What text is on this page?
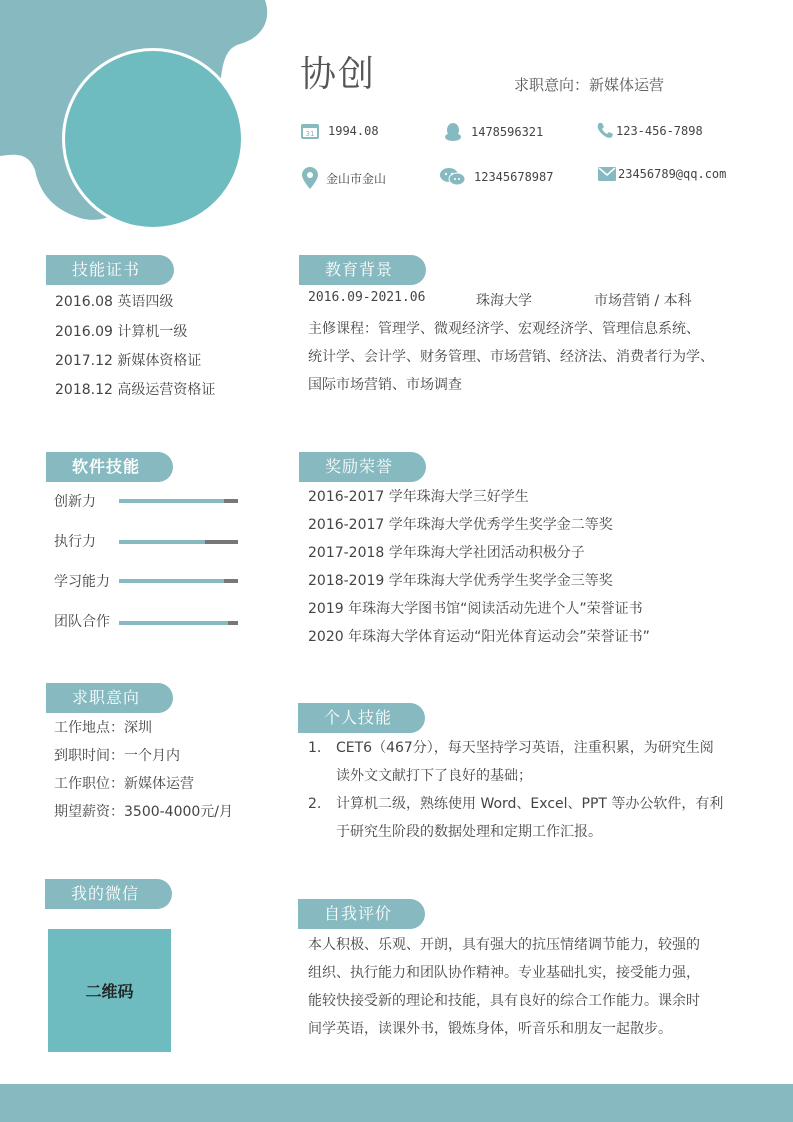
协创	求职意向：新媒体运营
31 1994.08	1478596321	123-456-7898
金山市金山	12345678987	23456789@qq.com
技能证书
2016.08 英语四级
2016.09 计算机一级
2017.12 新媒体资格证
2018.12 高级运营资格证
软件技能
创新力
执行力
学习能力
团队合作
求职意向
工作地点：深圳
到职时间：一个月内
工作职位：新媒体运营
期望薪资：3500-4000元/月
我的微信
二维码
教育背景
2016.09-2021.06	珠海大学	市场营销 / 本科
主修课程：管理学、微观经济学、宏观经济学、管理信息系统、
统计学、会计学、财务管理、市场营销、经济法、消费者行为学、
国际市场营销、市场调查
奖励荣誉
2016-2017 学年珠海大学三好学生
2016-2017 学年珠海大学优秀学生奖学金二等奖
2017-2018 学年珠海大学社团活动积极分子
2018-2019 学年珠海大学优秀学生奖学金三等奖
2019 年珠海大学图书馆“阅读活动先进个人”荣誉证书
2020 年珠海大学体育运动“阳光体育运动会”荣誉证书”
个人技能
1. CET6（467分），每天坚持学习英语，注重积累，为研究生阅
读外文文献打下了良好的基础；
2. 计算机二级，熟练使用 Word、Excel、PPT 等办公软件，有利
于研究生阶段的数据处理和定期工作汇报。
自我评价
本人积极、乐观、开朗，具有强大的抗压情绪调节能力，较强的
组织、执行能力和团队协作精神。专业基础扎实，接受能力强，
能较快接受新的理论和技能，具有良好的综合工作能力。课余时
间学英语，读课外书，锻炼身体，听音乐和朋友一起散步。
